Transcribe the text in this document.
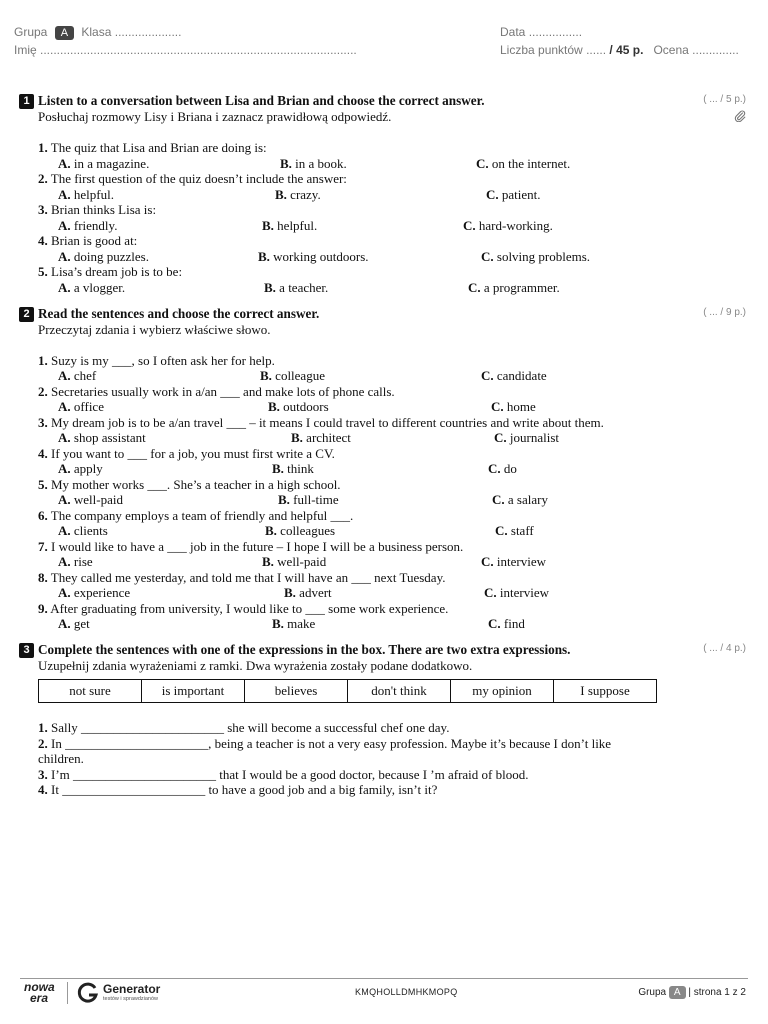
Grupa A Klasa ....................
Imię ...............................................................................................
Data ................
Liczba punktów ...... / 45 p. Ocena ..............
1 Listen to a conversation between Lisa and Brian and choose the correct answer.
Posłuchaj rozmowy Lisy i Briana i zaznacz prawidłową odpowiedź.
( ... / 5 p.)
1. The quiz that Lisa and Brian are doing is:
A. in a magazine.	B. in a book.	C. on the internet.
2. The first question of the quiz doesn’t include the answer:
A. helpful.	B. crazy.	C. patient.
3. Brian thinks Lisa is:
A. friendly.	B. helpful.	C. hard-working.
4. Brian is good at:
A. doing puzzles.	B. working outdoors.	C. solving problems.
5. Lisa’s dream job is to be:
A. a vlogger.	B. a teacher.	C. a programmer.
2 Read the sentences and choose the correct answer.
Przeczytaj zdania i wybierz właściwe słowo.
( ... / 9 p.)
1. Suzy is my ___, so I often ask her for help.
A. chef	B. colleague	C. candidate
2. Secretaries usually work in a/an ___ and make lots of phone calls.
A. office	B. outdoors	C. home
3. My dream job is to be a/an travel ___ – it means I could travel to different countries and write about them.
A. shop assistant	B. architect	C. journalist
4. If you want to ___ for a job, you must first write a CV.
A. apply	B. think	C. do
5. My mother works ___. She’s a teacher in a high school.
A. well-paid	B. full-time	C. a salary
6. The company employs a team of friendly and helpful ___.
A. clients	B. colleagues	C. staff
7. I would like to have a ___ job in the future – I hope I will be a business person.
A. rise	B. well-paid	C. interview
8. They called me yesterday, and told me that I will have an ___ next Tuesday.
A. experience	B. advert	C. interview
9. After graduating from university, I would like to ___ some work experience.
A. get	B. make	C. find
3 Complete the sentences with one of the expressions in the box. There are two extra expressions.
Uzupełnij zdania wyrażeniami z ramki. Dwa wyrażenia zostały podane dodatkowo.
( ... / 4 p.)
not sure	is important	believes	don't think	my opinion	I suppose
1. Sally ______________________ she will become a successful chef one day.
2. In ______________________, being a teacher is not a very easy profession. Maybe it’s because I don’t like
children.
3. I’m ______________________ that I would be a good doctor, because I ’m afraid of blood.
4. It ______________________ to have a good job and a big family, isn’t it?
nowa
era
Generator
testów i sprawdzianów
KMQHOLLDMHKMOPQ	Grupa A | strona 1 z 2
